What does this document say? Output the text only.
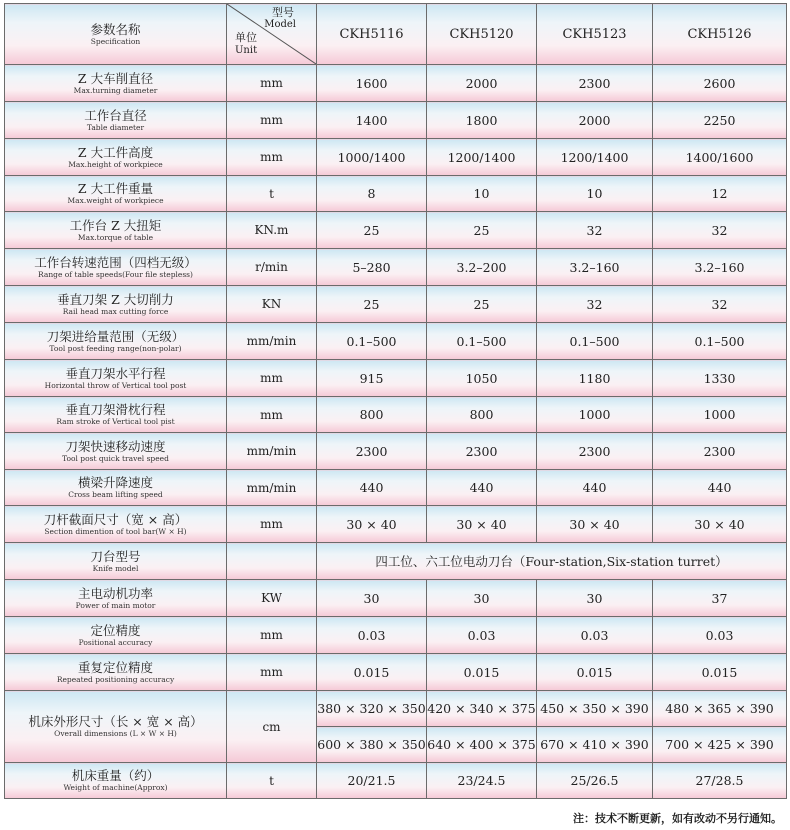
参数名称
Specification	型号
Model
单位
Unit	CKH5116	CKH5120	CKH5123	CKH5126

Z 大车削直径
Max.turning diameter	mm	1600	2000	2300	2600

工作台直径
Table diameter	mm	1400	1800	2000	2250

Z 大工件高度
Max.height of workpiece	mm	1000/1400	1200/1400	1200/1400	1400/1600

Z 大工件重量
Max.weight of workpiece	t	8	10	10	12

工作台 Z 大扭矩
Max.torque of table	KN.m	25	25	32	32

工作台转速范围（四档无级）
Range of table speeds(Four file stepless)	r/min	5–280	3.2–200	3.2–160	3.2–160

垂直刀架 Z 大切削力
Rail head max cutting force	KN	25	25	32	32

刀架进给量范围（无级）
Tool post feeding range(non-polar)	mm/min	0.1–500	0.1–500	0.1–500	0.1–500

垂直刀架水平行程
Horizontal throw of Vertical tool post	mm	915	1050	1180	1330

垂直刀架滑枕行程
Ram stroke of Vertical tool pist	mm	800	800	1000	1000

刀架快速移动速度
Tool post quick travel speed	mm/min	2300	2300	2300	2300

横梁升降速度
Cross beam lifting speed	mm/min	440	440	440	440

刀杆截面尺寸（宽 × 高）
Section dimention of tool bar(W × H)	mm	30 × 40	30 × 40	30 × 40	30 × 40

刀台型号
Knife model		四工位、六工位电动刀台（Four-station,Six-station turret）			

主电动机功率
Power of main motor	KW	30	30	30	37

定位精度
Positional accuracy	mm	0.03	0.03	0.03	0.03

重复定位精度
Repeated positioning accuracy	mm	0.015	0.015	0.015	0.015

机床外形尺寸（长 × 宽 × 高）
Overall dimensions (L × W × H)	cm	380 × 320 × 350	420 × 340 × 375	450 × 350 × 390	480 × 365 × 390
		600 × 380 × 350	640 × 400 × 375	670 × 410 × 390	700 × 425 × 390

机床重量（约）
Weight of machine(Approx)	t	20/21.5	23/24.5	25/26.5	27/28.5
注：技术不断更新，如有改动不另行通知。
